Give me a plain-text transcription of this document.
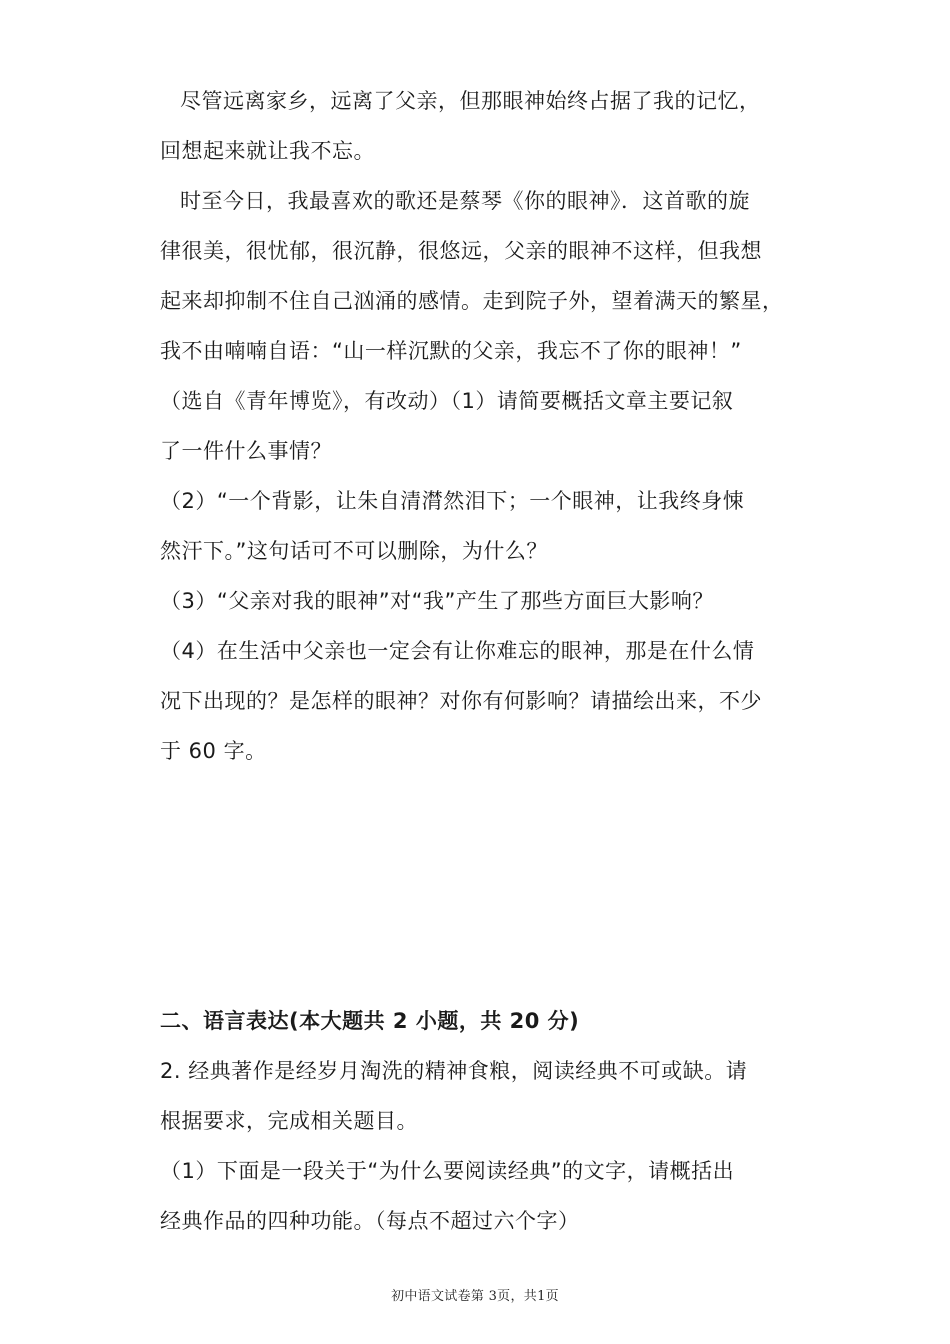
尽管远离家乡，远离了父亲，但那眼神始终占据了我的记忆，
回想起来就让我不忘。
时至今日，我最喜欢的歌还是蔡琴《你的眼神》．这首歌的旋
律很美，很忧郁，很沉静，很悠远，父亲的眼神不这样，但我想
起来却抑制不住自己汹涌的感情。走到院子外，望着满天的繁星，
我不由喃喃自语：“山一样沉默的父亲，我忘不了你的眼神！”
（选自《青年博览》，有改动）（1）请简要概括文章主要记叙
了一件什么事情？
（2）“一个背影，让朱自清潸然泪下；一个眼神，让我终身悚
然汗下。”这句话可不可以删除，为什么？
（3）“父亲对我的眼神”对“我”产生了那些方面巨大影响？
（4）在生活中父亲也一定会有让你难忘的眼神，那是在什么情
况下出现的？是怎样的眼神？对你有何影响？请描绘出来，不少
于 60 字。
二、语言表达(本大题共 2 小题，共 20 分)
2. 经典著作是经岁月淘洗的精神食粮，阅读经典不可或缺。请
根据要求，完成相关题目。
（1）下面是一段关于“为什么要阅读经典”的文字，请概括出
经典作品的四种功能。（每点不超过六个字）
初中语文试卷第 3页，共1页
